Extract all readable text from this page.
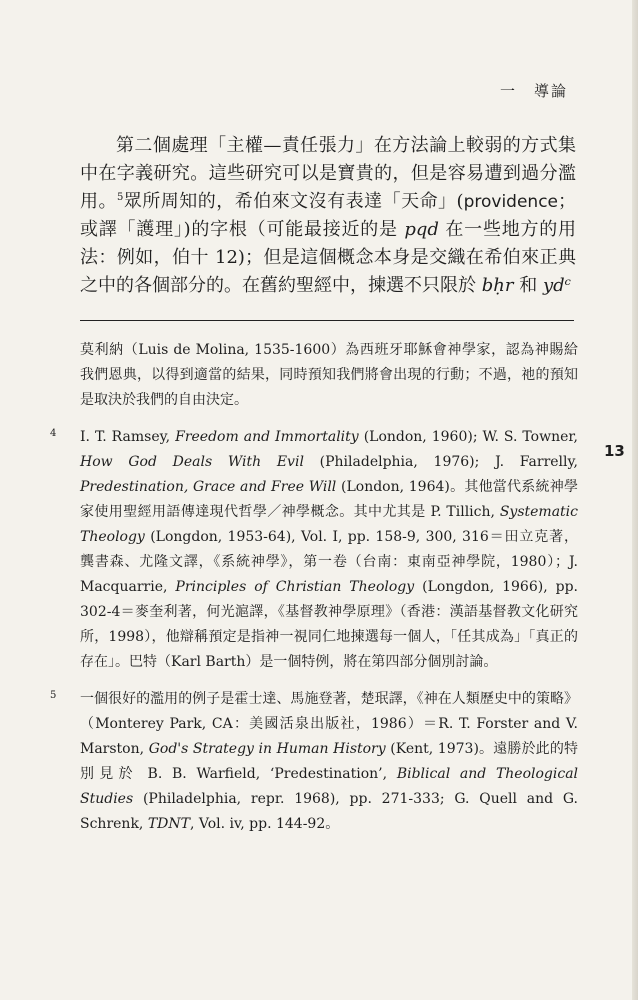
一　導論
13

第二個處理「主權—責任張力」在方法論上較弱的方式集中在字義研究。這些研究可以是寶貴的，但是容易遭到過分濫用。$^5$眾所周知的，希伯來文沒有表達「天命」(providence；或譯「護理」)的字根（可能最接近的是 pqd 在一些地方的用法：例如，伯十 12)；但是這個概念本身是交織在希伯來正典之中的各個部分的。在舊約聖經中，揀選不只限於 bḥr 和 ydᶜ

莫利納（Luis de Molina, 1535-1600）為西班牙耶穌會神學家，認為神賜給我們恩典，以得到適當的結果，同時預知我們將會出現的行動；不過，祂的預知是取決於我們的自由決定。
4 I. T. Ramsey, Freedom and Immortality (London, 1960); W. S. Towner, How God Deals With Evil (Philadelphia, 1976); J. Farrelly, Predestination, Grace and Free Will (London, 1964)。其他當代系統神學家使用聖經用語傳達現代哲學／神學概念。其中尤其是 P. Tillich, Systematic Theology (Longdon, 1953-64), Vol. I, pp. 158-9, 300, 316＝田立克著，龔書森、尤隆文譯，《系統神學》，第一卷（台南：東南亞神學院，1980）；J. Macquarrie, Principles of Christian Theology (Longdon, 1966), pp. 302-4＝麥奎利著，何光滬譯，《基督教神學原理》（香港：漢語基督教文化研究所，1998），他辯稱預定是指神一視同仁地揀選每一個人，「任其成為」「真正的存在」。巴特（Karl Barth）是一個特例，將在第四部分個別討論。
5 一個很好的濫用的例子是霍士達、馬施登著，楚珉譯，《神在人類歷史中的策略》（Monterey Park, CA：美國活泉出版社，1986）＝R. T. Forster and V. Marston, God's Strategy in Human History (Kent, 1973)。遠勝於此的特別見於 B. B. Warfield, ‘Predestination’, Biblical and Theological Studies (Philadelphia, repr. 1968), pp. 271-333; G. Quell and G. Schrenk, TDNT, Vol. iv, pp. 144-92。
